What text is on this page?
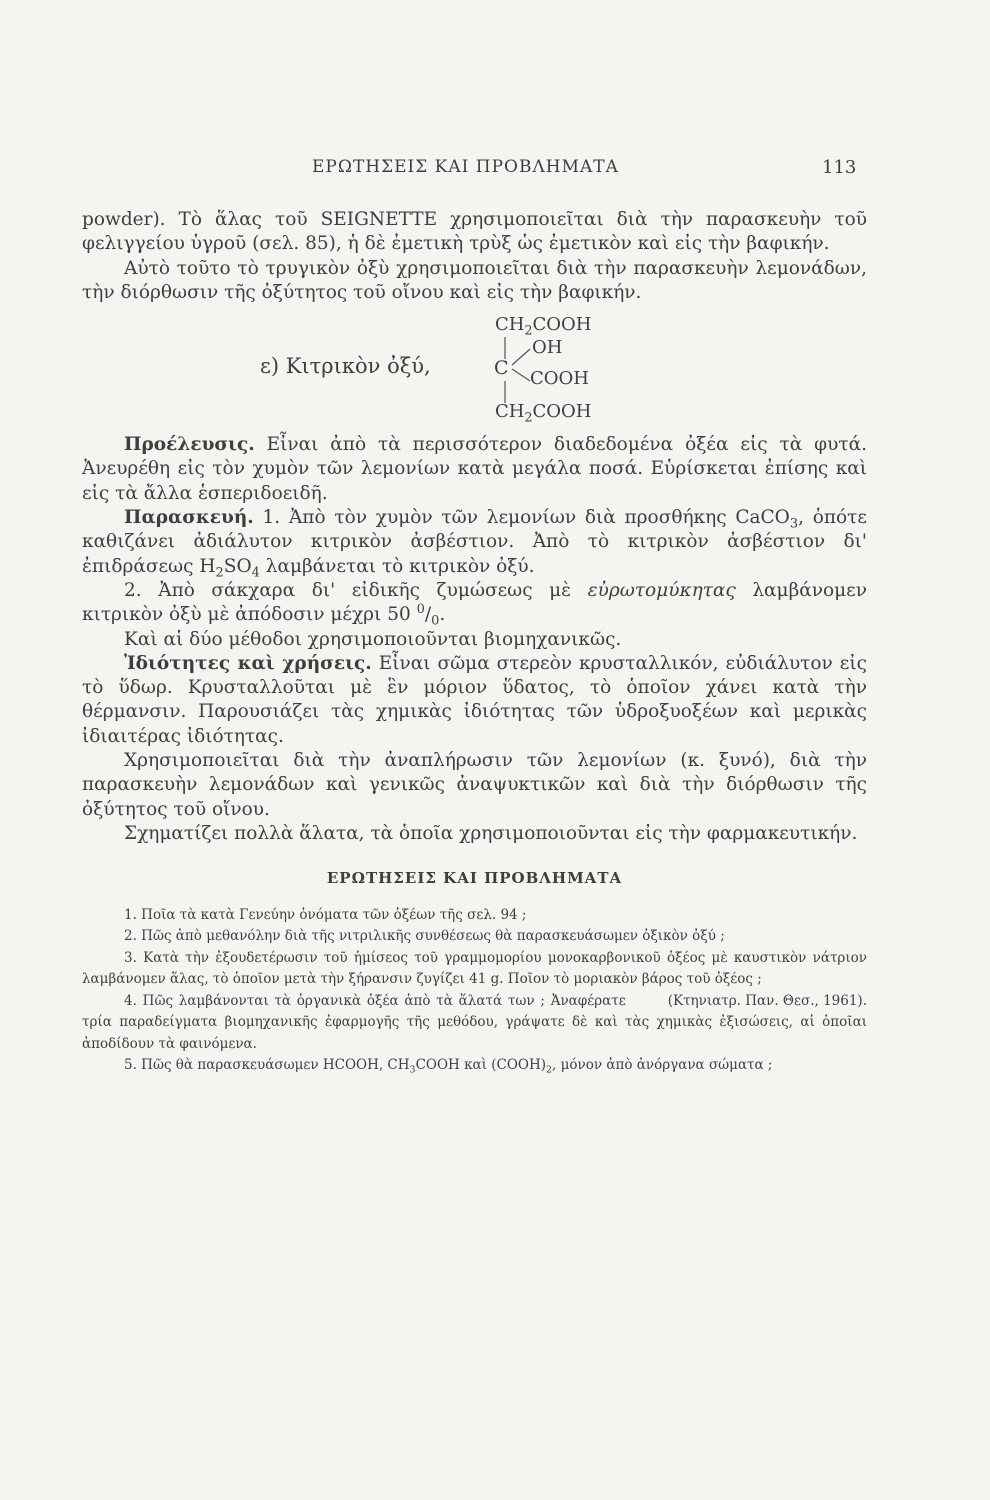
ΕΡΩΤΗΣΕΙΣ ΚΑΙ ΠΡΟΒΛΗΜΑΤΑ	113

powder). Τὸ ἅλας τοῦ SEIGNETTE χρησιμοποιεῖται διὰ τὴν παρασκευὴν τοῦ φελιγγείου ὑγροῦ (σελ. 85), ἡ δὲ ἐμετικὴ τρὺξ ὡς ἐμετικὸν καὶ εἰς τὴν βαφικήν.

Αὐτὸ τοῦτο τὸ τρυγικὸν ὀξὺ χρησιμοποιεῖται διὰ τὴν παρασκευὴν λεμονάδων, τὴν διόρθωσιν τῆς ὀξύτητος τοῦ οἴνου καὶ εἰς τὴν βαφικήν.

ε) Κιτρικὸν ὀξύ,
$CH_2COOH$
C
OH
COOH
$CH_2COOH$

Προέλευσις. Εἶναι ἀπὸ τὰ περισσότερον διαδεδομένα ὀξέα εἰς τὰ φυτά. Ἀνευρέθη εἰς τὸν χυμὸν τῶν λεμονίων κατὰ μεγάλα ποσά. Εὑρίσκεται ἐπίσης καὶ εἰς τὰ ἄλλα ἑσπεριδοειδῆ.

Παρασκευή. 1. Ἀπὸ τὸν χυμὸν τῶν λεμονίων διὰ προσθήκης CaCO$_3$, ὁπότε καθιζάνει ἀδιάλυτον κιτρικὸν ἀσβέστιον. Ἀπὸ τὸ κιτρικὸν ἀσβέστιον δι' ἐπιδράσεως $H_2SO_4$ λαμβάνεται τὸ κιτρικὸν ὀξύ.

2. Ἀπὸ σάκχαρα δι' εἰδικῆς ζυμώσεως μὲ εὐρωτομύκητας λαμβάνομεν κιτρικὸν ὀξὺ μὲ ἀπόδοσιν μέχρι 50 $^0/_0$.

Καὶ αἱ δύο μέθοδοι χρησιμοποιοῦνται βιομηχανικῶς.

Ἰδιότητες καὶ χρήσεις. Εἶναι σῶμα στερεὸν κρυσταλλικόν, εὐδιάλυτον εἰς τὸ ὕδωρ. Κρυσταλλοῦται μὲ ἓν μόριον ὕδατος, τὸ ὁποῖον χάνει κατὰ τὴν θέρμανσιν. Παρουσιάζει τὰς χημικὰς ἰδιότητας τῶν ὑδροξυοξέων καὶ μερικὰς ἰδιαιτέρας ἰδιότητας.

Χρησιμοποιεῖται διὰ τὴν ἀναπλήρωσιν τῶν λεμονίων (κ. ξυνό), διὰ τὴν παρασκευὴν λεμονάδων καὶ γενικῶς ἀναψυκτικῶν καὶ διὰ τὴν διόρθωσιν τῆς ὀξύτητος τοῦ οἴνου.

Σχηματίζει πολλὰ ἅλατα, τὰ ὁποῖα χρησιμοποιοῦνται εἰς τὴν φαρμακευτικήν.

ΕΡΩΤΗΣΕΙΣ ΚΑΙ ΠΡΟΒΛΗΜΑΤΑ

1. Ποῖα τὰ κατὰ Γενεύην ὀνόματα τῶν ὀξέων τῆς σελ. 94 ;

2. Πῶς ἀπὸ μεθανόλην διὰ τῆς νιτριλικῆς συνθέσεως θὰ παρασκευάσωμεν ὀξικὸν ὀξύ ;

3. Κατὰ τὴν ἐξουδετέρωσιν τοῦ ἡμίσεος τοῦ γραμμομορίου μονοκαρβονικοῦ ὀξέος μὲ καυστικὸν νάτριον λαμβάνομεν ἅλας, τὸ ὁποῖον μετὰ τὴν ξήρανσιν ζυγίζει 41 g. Ποῖον τὸ μοριακὸν βάρος τοῦ ὀξέος ;
(Κτηνιατρ. Παν. Θεσ., 1961).

4. Πῶς λαμβάνονται τὰ ὀργανικὰ ὀξέα ἀπὸ τὰ ἅλατά των ; Ἀναφέρατε τρία παραδείγματα βιομηχανικῆς ἐφαρμογῆς τῆς μεθόδου, γράψατε δὲ καὶ τὰς χημικὰς ἐξισώσεις, αἱ ὁποῖαι ἀποδίδουν τὰ φαινόμενα.

5. Πῶς θὰ παρασκευάσωμεν HCOOH, $CH_3COOH$ καὶ $(COOH)_2$, μόνον ἀπὸ ἀνόργανα σώματα ;
